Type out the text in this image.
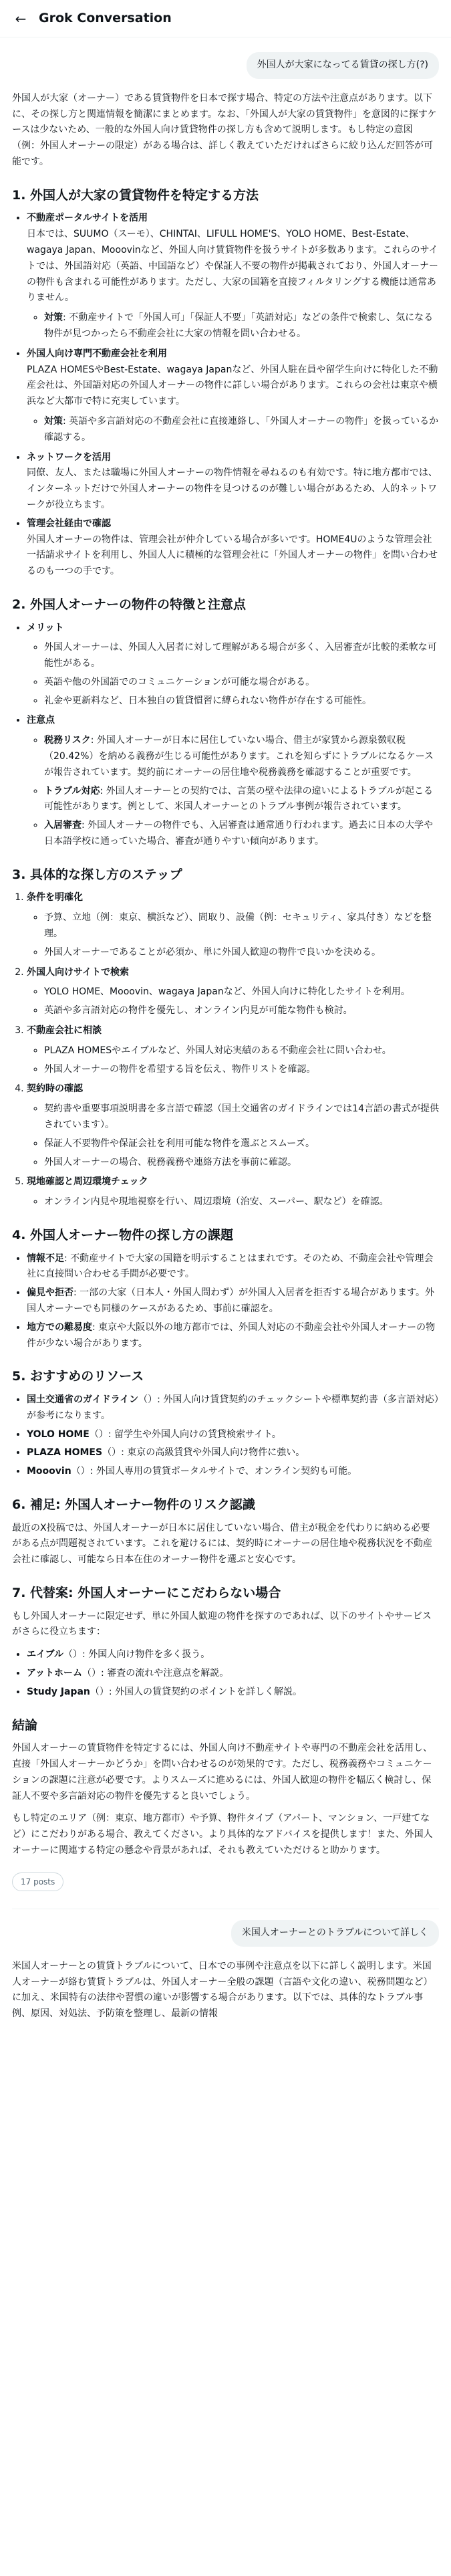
← Grok Conversation
外国人が大家になってる賃貸の探し方(?)

外国人が大家（オーナー）である賃貸物件を日本で探す場合、特定の方法や注意点があります。以下に、その探し方と関連情報を簡潔にまとめます。なお、「外国人が大家の賃貸物件」を意図的に探すケースは少ないため、一般的な外国人向け賃貸物件の探し方も含めて説明します。もし特定の意図（例：外国人オーナーの限定）がある場合は、詳しく教えていただければさらに絞り込んだ回答が可能です。

1. 外国人が大家の賃貸物件を特定する方法
• 不動産ポータルサイトを活用
日本では、SUUMO（スーモ）、CHINTAI、LIFULL HOME'S、YOLO HOME、Best-Estate、wagaya Japan、Mooovinなど、外国人向け賃貸物件を扱うサイトが多数あります。これらのサイトでは、外国語対応（英語、中国語など）や保証人不要の物件が掲載されており、外国人オーナーの物件も含まれる可能性があります。ただし、大家の国籍を直接フィルタリングする機能は通常ありません。
◦ 対策: 不動産サイトで「外国人可」「保証人不要」「英語対応」などの条件で検索し、気になる物件が見つかったら不動産会社に大家の情報を問い合わせる。
• 外国人向け専門不動産会社を利用
PLAZA HOMESやBest-Estate、wagaya Japanなど、外国人駐在員や留学生向けに特化した不動産会社は、外国語対応の外国人オーナーの物件に詳しい場合があります。これらの会社は東京や横浜など大都市で特に充実しています。
◦ 対策: 英語や多言語対応の不動産会社に直接連絡し、「外国人オーナーの物件」を扱っているか確認する。
• ネットワークを活用
同僚、友人、または職場に外国人オーナーの物件情報を尋ねるのも有効です。特に地方都市では、インターネットだけで外国人オーナーの物件を見つけるのが難しい場合があるため、人的ネットワークが役立ちます。
• 管理会社経由で確認
外国人オーナーの物件は、管理会社が仲介している場合が多いです。HOME4Uのような管理会社一括請求サイトを利用し、外国人人に積極的な管理会社に「外国人オーナーの物件」を問い合わせるのも一つの手です。
2. 外国人オーナーの物件の特徴と注意点
• メリット
◦ 外国人オーナーは、外国人入居者に対して理解がある場合が多く、入居審査が比較的柔軟な可能性がある。
◦ 英語や他の外国語でのコミュニケーションが可能な場合がある。
◦ 礼金や更新料など、日本独自の賃貸慣習に縛られない物件が存在する可能性。
• 注意点
◦ 税務リスク: 外国人オーナーが日本に居住していない場合、借主が家賃から源泉徴収税（20.42%）を納める義務が生じる可能性があります。これを知らずにトラブルになるケースが報告されています。契約前にオーナーの居住地や税務義務を確認することが重要です。
◦ トラブル対応: 外国人オーナーとの契約では、言葉の壁や法律の違いによるトラブルが起こる可能性があります。例として、米国人オーナーとのトラブル事例が報告されています。
◦ 入居審査: 外国人オーナーの物件でも、入居審査は通常通り行われます。過去に日本の大学や日本語学校に通っていた場合、審査が通りやすい傾向があります。
3. 具体的な探し方のステップ
1. 条件を明確化
◦ 予算、立地（例：東京、横浜など）、間取り、設備（例：セキュリティ、家具付き）などを整理。
◦ 外国人オーナーであることが必須か、単に外国人歓迎の物件で良いかを決める。
2. 外国人向けサイトで検索
◦ YOLO HOME、Mooovin、wagaya Japanなど、外国人向けに特化したサイトを利用。
◦ 英語や多言語対応の物件を優先し、オンライン内見が可能な物件も検討。
3. 不動産会社に相談
◦ PLAZA HOMESやエイブルなど、外国人対応実績のある不動産会社に問い合わせ。
◦ 外国人オーナーの物件を希望する旨を伝え、物件リストを確認。
4. 契約時の確認
◦ 契約書や重要事項説明書を多言語で確認（国土交通省のガイドラインでは14言語の書式が提供されています）。
◦ 保証人不要物件や保証会社を利用可能な物件を選ぶとスムーズ。
◦ 外国人オーナーの場合、税務義務や連絡方法を事前に確認。
5. 現地確認と周辺環境チェック
◦ オンライン内見や現地視察を行い、周辺環境（治安、スーパー、駅など）を確認。
4. 外国人オーナー物件の探し方の課題
• 情報不足: 不動産サイトで大家の国籍を明示することはまれです。そのため、不動産会社や管理会社に直接問い合わせる手間が必要です。
• 偏見や拒否: 一部の大家（日本人・外国人問わず）が外国人入居者を拒否する場合があります。外国人オーナーでも同様のケースがあるため、事前に確認を。
• 地方での難易度: 東京や大阪以外の地方都市では、外国人対応の不動産会社や外国人オーナーの物件が少ない場合があります。
5. おすすめのリソース
• 国土交通省のガイドライン（）: 外国人向け賃貸契約のチェックシートや標準契約書（多言語対応）が参考になります。
• YOLO HOME（）: 留学生や外国人向けの賃貸検索サイト。
• PLAZA HOMES（）: 東京の高級賃貸や外国人向け物件に強い。
• Mooovin（）: 外国人専用の賃貸ポータルサイトで、オンライン契約も可能。
6. 補足: 外国人オーナー物件のリスク認識

最近のX投稿では、外国人オーナーが日本に居住していない場合、借主が税金を代わりに納める必要がある点が問題視されています。これを避けるには、契約時にオーナーの居住地や税務状況を不動産会社に確認し、可能なら日本在住のオーナー物件を選ぶと安心です。

7. 代替案: 外国人オーナーにこだわらない場合

もし外国人オーナーに限定せず、単に外国人歓迎の物件を探すのであれば、以下のサイトやサービスがさらに役立ちます：

• エイブル（）: 外国人向け物件を多く扱う。
• アットホーム（）: 審査の流れや注意点を解説。
• Study Japan（）: 外国人の賃貸契約のポイントを詳しく解説。
結論

外国人オーナーの賃貸物件を特定するには、外国人向け不動産サイトや専門の不動産会社を活用し、直接「外国人オーナーかどうか」を問い合わせるのが効果的です。ただし、税務義務やコミュニケーションの課題に注意が必要です。よりスムーズに進めるには、外国人歓迎の物件を幅広く検討し、保証人不要や多言語対応の物件を優先すると良いでしょう。

もし特定のエリア（例：東京、地方都市）や予算、物件タイプ（アパート、マンション、一戸建てなど）にこだわりがある場合、教えてください。より具体的なアドバイスを提供します！また、外国人オーナーに関連する特定の懸念や背景があれば、それも教えていただけると助かります。

17 posts
米国人オーナーとのトラブルについて詳しく

米国人オーナーとの賃貸トラブルについて、日本での事例や注意点を以下に詳しく説明します。米国人オーナーが絡む賃貸トラブルは、外国人オーナー全般の課題（言語や文化の違い、税務問題など）に加え、米国特有の法律や習慣の違いが影響する場合があります。以下では、具体的なトラブル事例、原因、対処法、予防策を整理し、最新の情報
